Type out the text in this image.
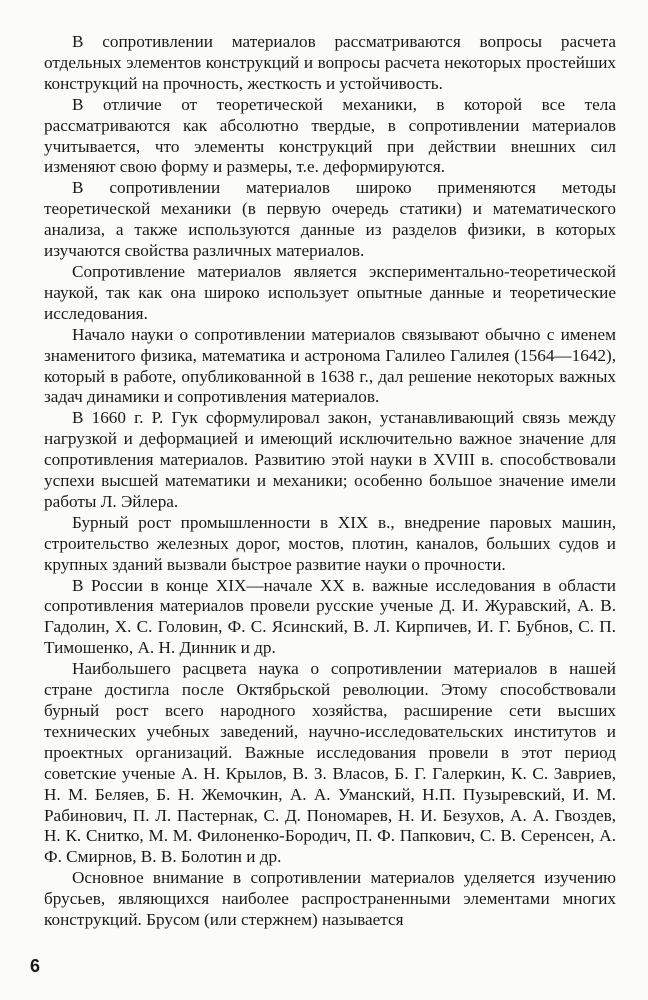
В сопротивлении материалов рассматриваются вопросы расчета отдельных элементов конструкций и вопросы расчета некоторых простейших конструкций на прочность, жесткость и устойчивость.

В отличие от теоретической механики, в которой все тела рассматриваются как абсолютно твердые, в сопротивлении материалов учитывается, что элементы конструкций при действии внешних сил изменяют свою форму и размеры, т.е. деформируются.

В сопротивлении материалов широко применяются методы теоретической механики (в первую очередь статики) и математического анализа, а также используются данные из разделов физики, в которых изучаются свойства различных материалов.

Сопротивление материалов является экспериментально-теоретической наукой, так как она широко использует опытные данные и теоретические исследования.

Начало науки о сопротивлении материалов связывают обычно с именем знаменитого физика, математика и астронома Галилео Галилея (1564—1642), который в работе, опубликованной в 1638 г., дал решение некоторых важных задач динамики и сопротивления материалов.

В 1660 г. Р. Гук сформулировал закон, устанавливающий связь между нагрузкой и деформацией и имеющий исключительно важное значение для сопротивления материалов. Развитию этой науки в XVIII в. способствовали успехи высшей математики и механики; особенно большое значение имели работы Л. Эйлера.

Бурный рост промышленности в XIX в., внедрение паровых машин, строительство железных дорог, мостов, плотин, каналов, больших судов и крупных зданий вызвали быстрое развитие науки о прочности.

В России в конце XIX—начале XX в. важные исследования в области сопротивления материалов провели русские ученые Д. И. Журавский, А. В. Гадолин, Х. С. Головин, Ф. С. Ясинский, В. Л. Кирпичев, И. Г. Бубнов, С. П. Тимошенко, А. Н. Динник и др.

Наибольшего расцвета наука о сопротивлении материалов в нашей стране достигла после Октябрьской революции. Этому способствовали бурный рост всего народного хозяйства, расширение сети высших технических учебных заведений, научно-исследовательских институтов и проектных организаций. Важные исследования провели в этот период советские ученые А. Н. Крылов, В. З. Власов, Б. Г. Галеркин, К. С. Завриев, Н. М. Беляев, Б. Н. Жемочкин, А. А. Уманский, Н.П. Пузыревский, И. М. Рабинович, П. Л. Пастернак, С. Д. Пономарев, Н. И. Безухов, А. А. Гвоздев, Н. К. Снитко, М. М. Филоненко-Бородич, П. Ф. Папкович, С. В. Серенсен, А. Ф. Смирнов, В. В. Болотин и др.

Основное внимание в сопротивлении материалов уделяется изучению брусьев, являющихся наиболее распространенными элементами многих конструкций. Брусом (или стержнем) называется

6
